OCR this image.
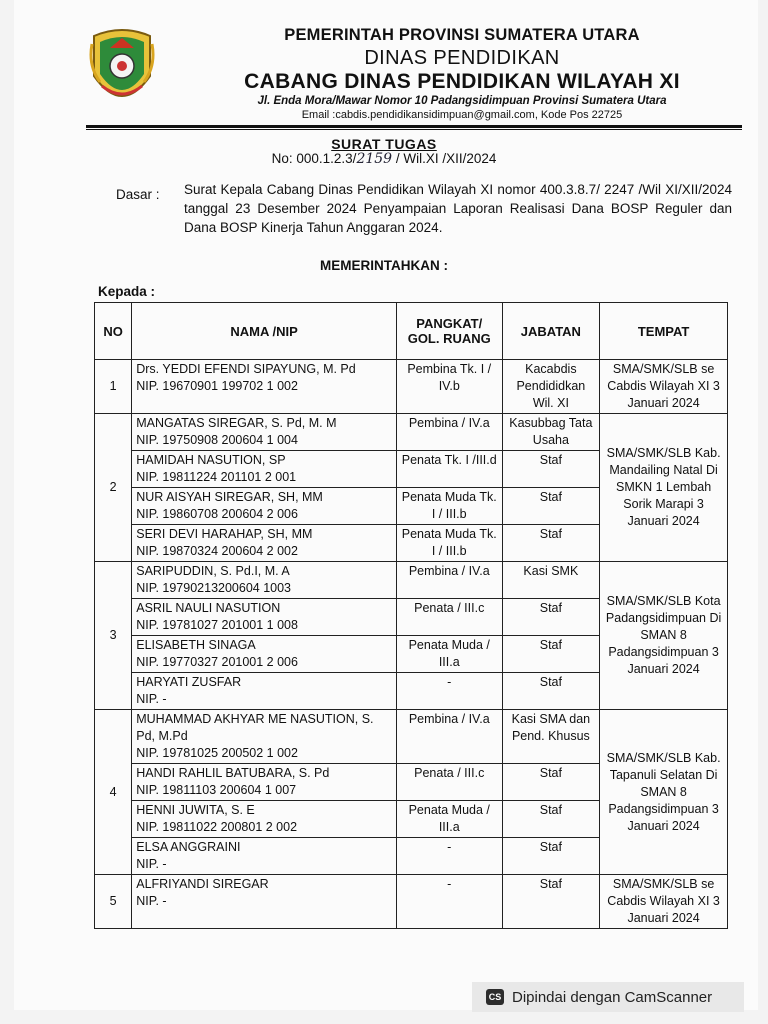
PEMERINTAH PROVINSI SUMATERA UTARA
DINAS PENDIDIKAN
CABANG DINAS PENDIDIKAN WILAYAH XI
Jl. Enda Mora/Mawar Nomor 10 Padangsidimpuan Provinsi Sumatera Utara
Email :cabdis.pendidikansidimpuan@gmail.com, Kode Pos 22725
SURAT TUGAS
No: 000.1.2.3/2159 / Wil.XI /XII/2024
Dasar : Surat Kepala Cabang Dinas Pendidikan Wilayah XI nomor 400.3.8.7/ 2247 /Wil XI/XII/2024 tanggal 23 Desember 2024 Penyampaian Laporan Realisasi Dana BOSP Reguler dan Dana BOSP Kinerja Tahun Anggaran 2024.
MEMERINTAHKAN :
Kepada :
NO	NAMA /NIP	PANGKAT/ GOL. RUANG	JABATAN	TEMPAT
1	Drs. YEDDI EFENDI SIPAYUNG, M. Pd
NIP. 19670901 199702 1 002	Pembina Tk. I / IV.b	Kacabdis Pendididkan Wil. XI	SMA/SMK/SLB se Cabdis Wilayah XI 3 Januari 2024
2	MANGATAS SIREGAR, S. Pd, M. M
NIP. 19750908 200604 1 004	Pembina / IV.a	Kasubbag Tata Usaha	SMA/SMK/SLB Kab. Mandailing Natal Di SMKN 1 Lembah Sorik Marapi 3 Januari 2024

	HAMIDAH NASUTION, SP
NIP. 19811224 201101 2 001	Penata Tk. I /III.d	Staf	

	NUR AISYAH SIREGAR, SH, MM
NIP. 19860708 200604 2 006	Penata Muda Tk. I / III.b	Staf	

	SERI DEVI HARAHAP, SH, MM
NIP. 19870324 200604 2 002	Penata Muda Tk. I / III.b	Staf	
3	SARIPUDDIN, S. Pd.I, M. A
NIP. 19790213200604 1003	Pembina / IV.a	Kasi SMK	SMA/SMK/SLB Kota Padangsidimpuan Di SMAN 8 Padangsidimpuan 3 Januari 2024

	ASRIL NAULI NASUTION
NIP. 19781027 201001 1 008	Penata / III.c	Staf	

	ELISABETH SINAGA
NIP. 19770327 201001 2 006	Penata Muda / III.a	Staf	

	HARYATI ZUSFAR
NIP. -	-	Staf	
4	MUHAMMAD AKHYAR ME NASUTION, S. Pd, M.Pd
NIP. 19781025 200502 1 002	Pembina / IV.a	Kasi SMA dan Pend. Khusus	SMA/SMK/SLB Kab. Tapanuli Selatan Di SMAN 8 Padangsidimpuan 3 Januari 2024

	HANDI RAHLIL BATUBARA, S. Pd
NIP. 19811103 200604 1 007	Penata / III.c	Staf	

	HENNI JUWITA, S. E
NIP. 19811022 200801 2 002	Penata Muda / III.a	Staf	

	ELSA ANGGRAINI
NIP. -	-	Staf	
5	ALFRIYANDI SIREGAR
NIP. -	-	Staf	SMA/SMK/SLB se Cabdis Wilayah XI 3 Januari 2024
CS Dipindai dengan CamScanner
